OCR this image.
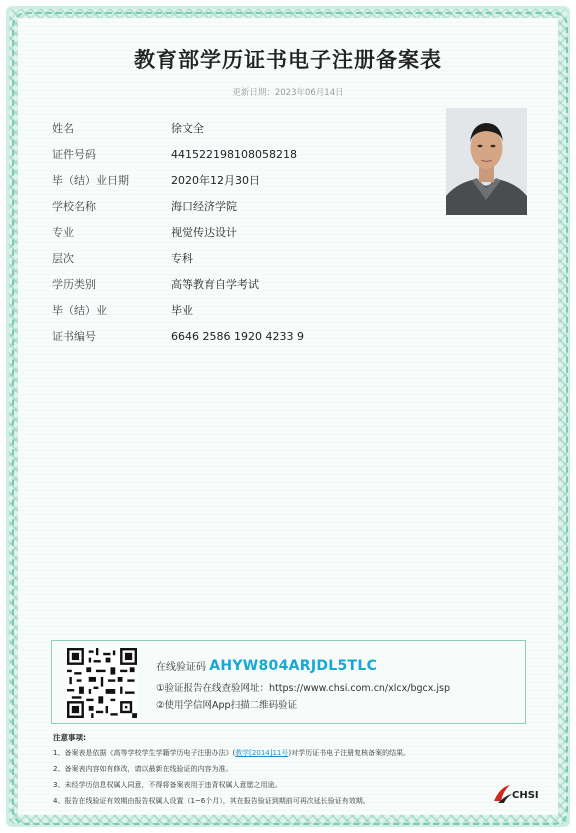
教育部学历证书电子注册备案表
更新日期：2023年06月14日
姓名	徐文全
证件号码	441522198108058218
毕（结）业日期	2020年12月30日
学校名称	海口经济学院
专业	视觉传达设计
层次	专科
学历类别	高等教育自学考试
毕（结）业	毕业
证书编号	6646 2586 1920 4233 9
在线验证码 AHYW804ARJDL5TLC
①验证报告在线查验网址：https://www.chsi.com.cn/xlcx/bgcx.jsp
②使用学信网App扫描二维码验证
注意事项:
1、备案表是依据《高等学校学生学籍学历电子注册办法》(教学[2014]11号)对学历证书电子注册复核备案的结果。
2、备案表内容如有修改，请以最新在线验证的内容为准。
3、未经学历信息权属人同意，不得将备案表用于违背权属人意愿之用途。
4、报告在线验证有效期由报告权属人设置（1~6个月），其在报告验证到期前可再次延长验证有效期。	CHSI
